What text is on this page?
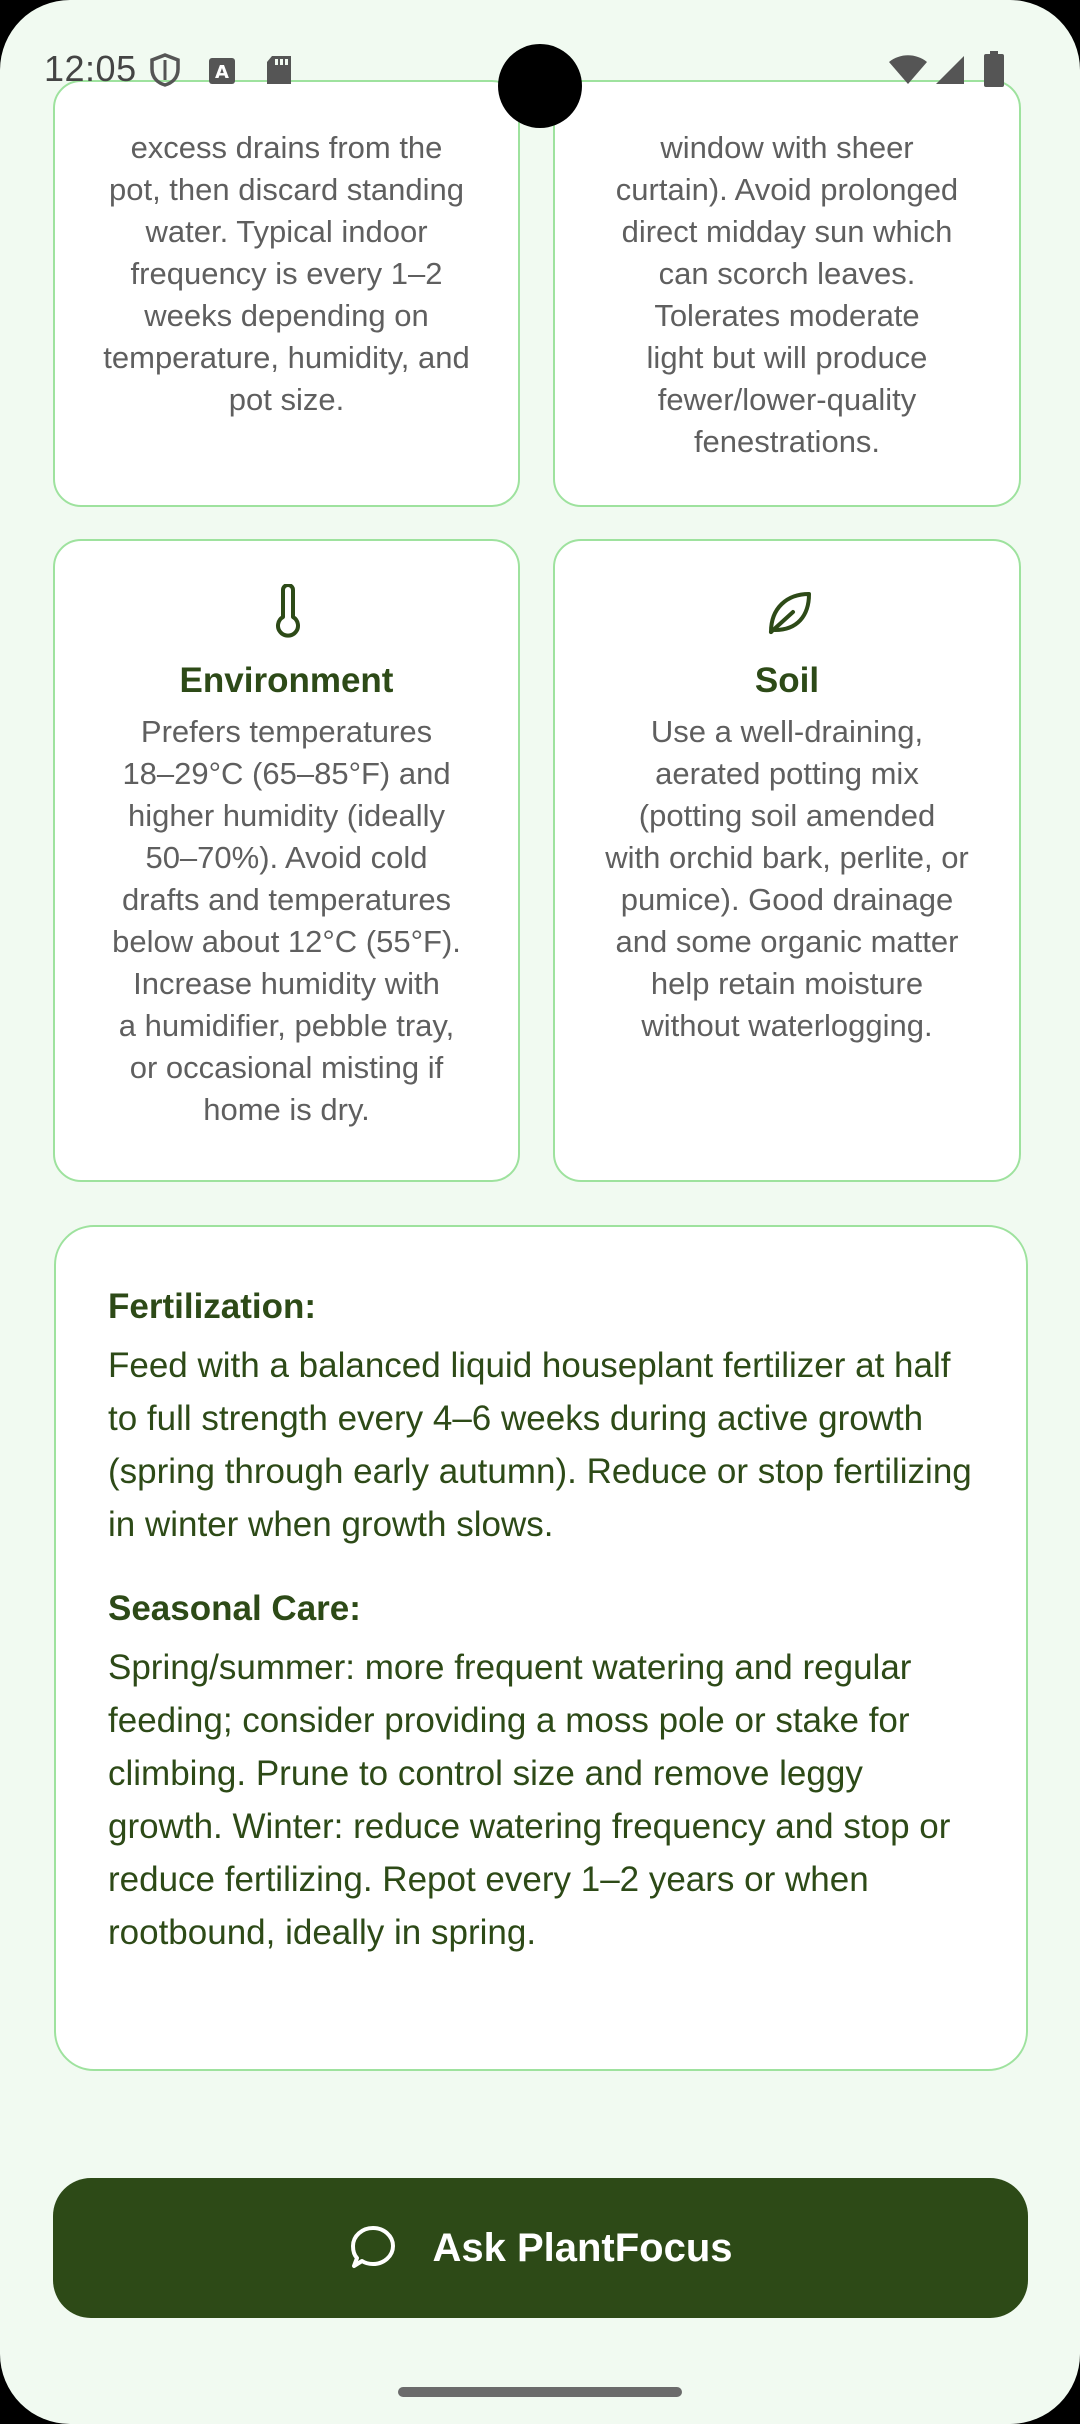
excess drains from the
pot, then discard standing
water. Typical indoor
frequency is every 1–2
weeks depending on
temperature, humidity, and
pot size.
window with sheer
curtain). Avoid prolonged
direct midday sun which
can scorch leaves.
Tolerates moderate
light but will produce
fewer/lower-quality
fenestrations.
Environment
Prefers temperatures
18–29°C (65–85°F) and
higher humidity (ideally
50–70%). Avoid cold
drafts and temperatures
below about 12°C (55°F).
Increase humidity with
a humidifier, pebble tray,
or occasional misting if
home is dry.
Soil
Use a well-draining,
aerated potting mix
(potting soil amended
with orchid bark, perlite, or
pumice). Good drainage
and some organic matter
help retain moisture
without waterlogging.

Fertilization:

Feed with a balanced liquid houseplant fertilizer at half to full strength every 4–6 weeks during active growth (spring through early autumn). Reduce or stop fertilizing in winter when growth slows.

Seasonal Care:

Spring/summer: more frequent watering and regular feeding; consider providing a moss pole or stake for climbing. Prune to control size and remove leggy growth. Winter: reduce watering frequency and stop or reduce fertilizing. Repot every 1–2 years or when rootbound, ideally in spring.

Ask PlantFocus
12:05	A
